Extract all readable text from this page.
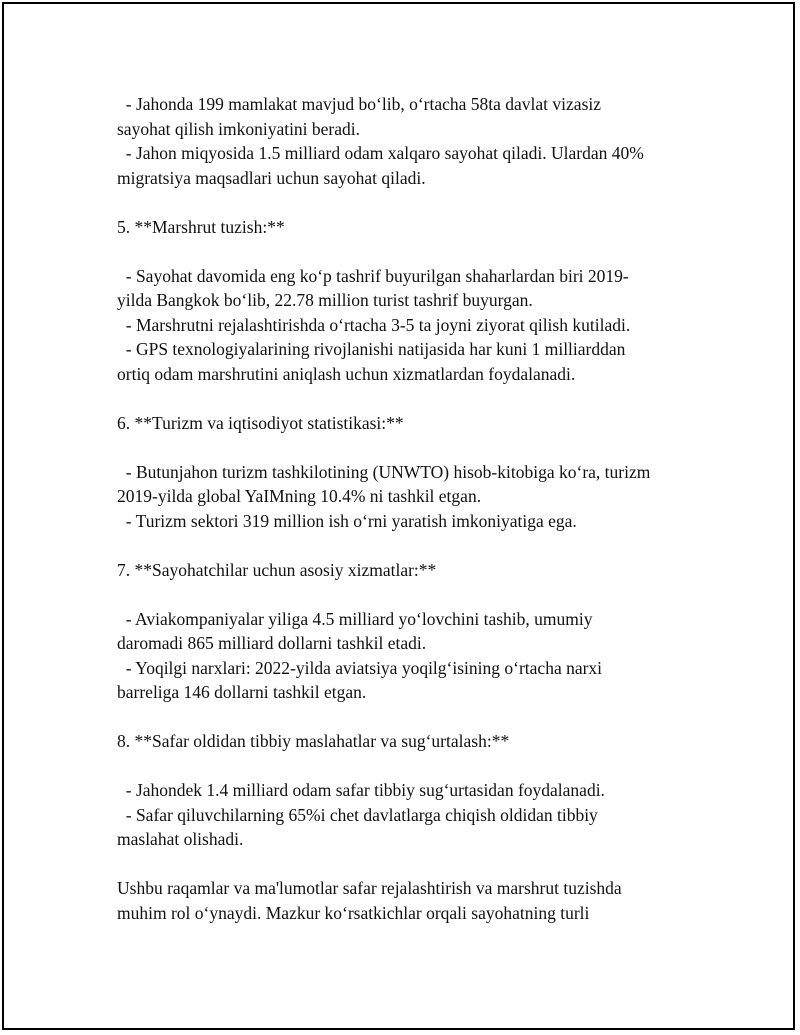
- Jahonda 199 mamlakat mavjud bo‘lib, o‘rtacha 58ta davlat vizasiz

sayohat qilish imkoniyatini beradi.

- Jahon miqyosida 1.5 milliard odam xalqaro sayohat qiladi. Ulardan 40%

migratsiya maqsadlari uchun sayohat qiladi.

5. **Marshrut tuzish:**

- Sayohat davomida eng ko‘p tashrif buyurilgan shaharlardan biri 2019-

yilda Bangkok bo‘lib, 22.78 million turist tashrif buyurgan.

- Marshrutni rejalashtirishda o‘rtacha 3-5 ta joyni ziyorat qilish kutiladi.

- GPS texnologiyalarining rivojlanishi natijasida har kuni 1 milliarddan

ortiq odam marshrutini aniqlash uchun xizmatlardan foydalanadi.

6. **Turizm va iqtisodiyot statistikasi:**

- Butunjahon turizm tashkilotining (UNWTO) hisob-kitobiga ko‘ra, turizm

2019-yilda global YaIMning 10.4% ni tashkil etgan.

- Turizm sektori 319 million ish o‘rni yaratish imkoniyatiga ega.

7. **Sayohatchilar uchun asosiy xizmatlar:**

- Aviakompaniyalar yiliga 4.5 milliard yo‘lovchini tashib, umumiy

daromadi 865 milliard dollarni tashkil etadi.

- Yoqilgi narxlari: 2022-yilda aviatsiya yoqilg‘isining o‘rtacha narxi

barreliga 146 dollarni tashkil etgan.

8. **Safar oldidan tibbiy maslahatlar va sug‘urtalash:**

- Jahondek 1.4 milliard odam safar tibbiy sug‘urtasidan foydalanadi.

- Safar qiluvchilarning 65%i chet davlatlarga chiqish oldidan tibbiy

maslahat olishadi.

Ushbu raqamlar va ma'lumotlar safar rejalashtirish va marshrut tuzishda

muhim rol o‘ynaydi. Mazkur ko‘rsatkichlar orqali sayohatning turli
